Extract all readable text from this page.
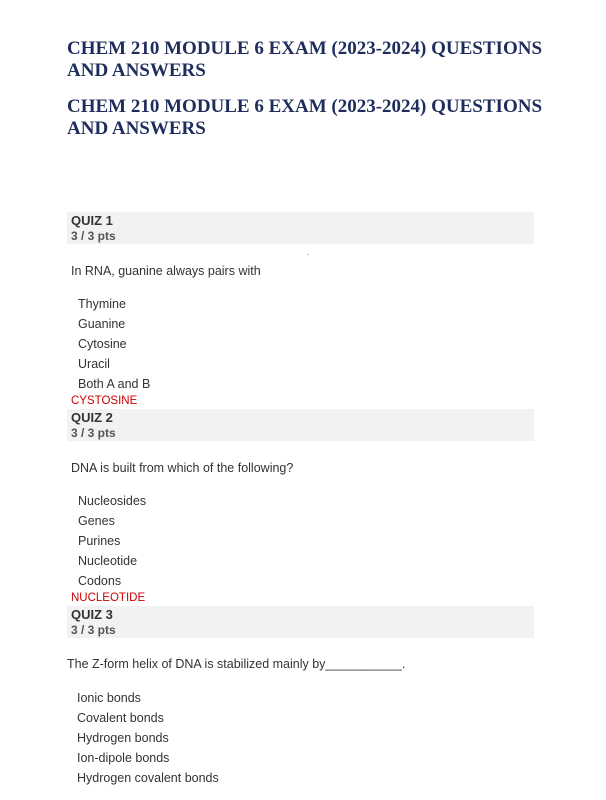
CHEM 210 MODULE 6 EXAM (2023-2024) QUESTIONS AND ANSWERS
CHEM 210 MODULE 6 EXAM (2023-2024) QUESTIONS AND ANSWERS
QUIZ 1
3 / 3 pts
.

In RNA, guanine always pairs with

Thymine
Guanine
Cytosine
Uracil
Both A and B
CYSTOSINE
QUIZ 2
3 / 3 pts

DNA is built from which of the following?

Nucleosides
Genes
Purines
Nucleotide
Codons
NUCLEOTIDE
QUIZ 3
3 / 3 pts

The Z-form helix of DNA is stabilized mainly by___________.

Ionic bonds
Covalent bonds
Hydrogen bonds
Ion-dipole bonds
Hydrogen covalent bonds
